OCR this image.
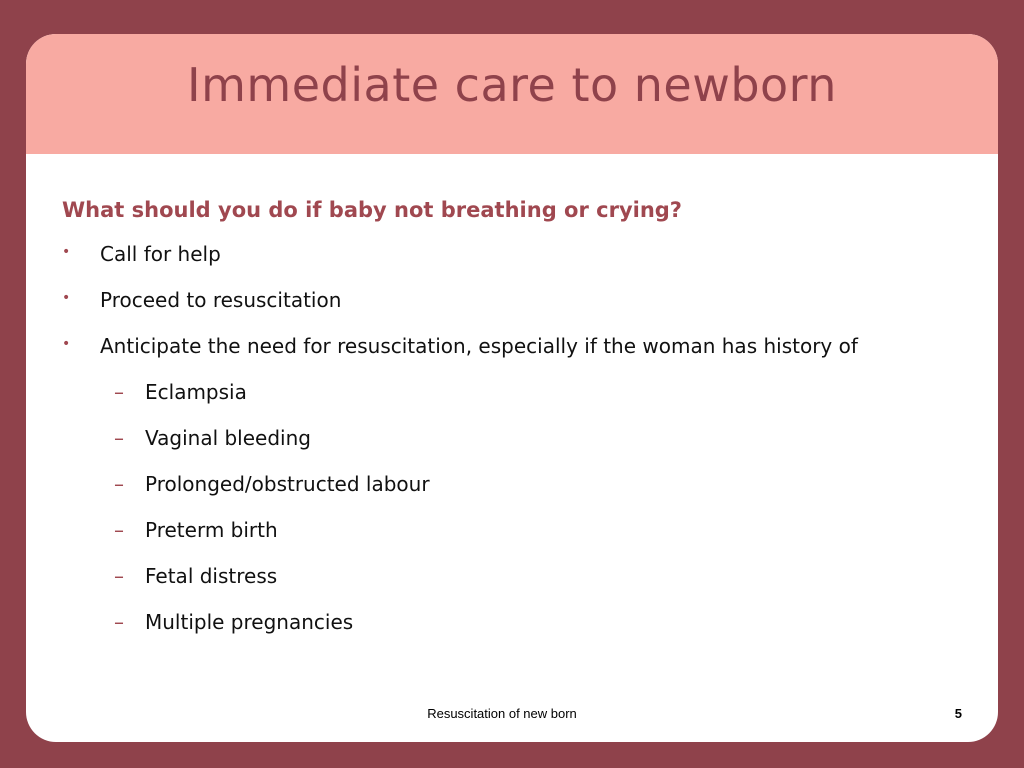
Immediate care to newborn
What should you do if baby not breathing or crying?
• Call for help
• Proceed to resuscitation
• Anticipate the need for resuscitation, especially if the woman has history of
– Eclampsia
– Vaginal bleeding
– Prolonged/obstructed labour
– Preterm birth
– Fetal distress
– Multiple pregnancies
Resuscitation of new born	5
